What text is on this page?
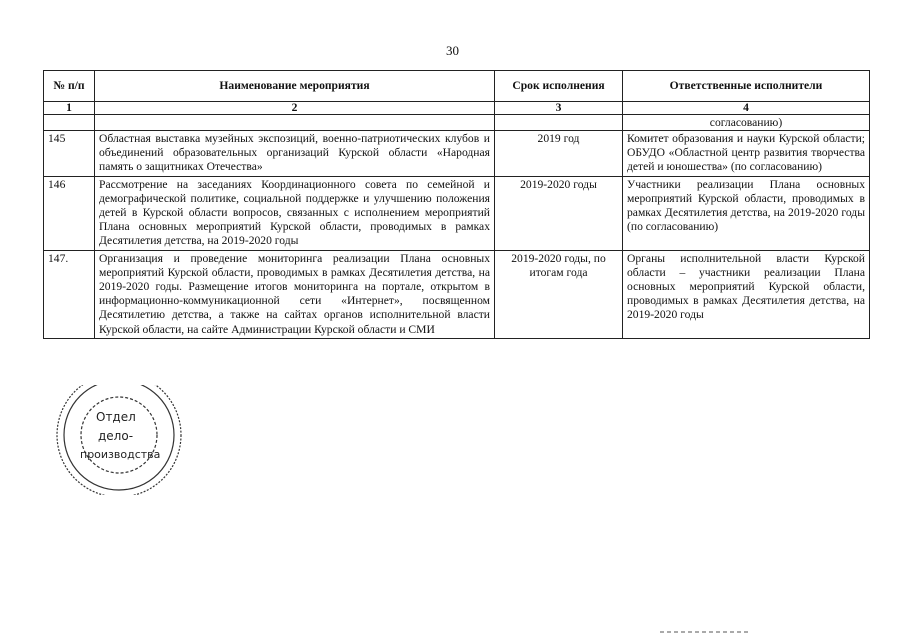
30
№ п/п	Наименование мероприятия	Срок исполнения	Ответственные исполнители
1	2	3	4
			согласованию)
145	Областная выставка музейных экспозиций, военно-патриотических клубов и объединений образовательных организаций Курской области «Народная память о защитниках Отечества»	2019 год	Комитет образования и науки Курской области; ОБУДО «Областной центр развития творчества детей и юношества» (по согласованию)
146	Рассмотрение на заседаниях Координационного совета по семейной и демографической политике, социальной поддержке и улучшению положения детей в Курской области вопросов, связанных с исполнением мероприятий Плана основных мероприятий Курской области, проводимых в рамках Десятилетия детства, на 2019-2020 годы	2019-2020 годы	Участники реализации Плана основных мероприятий Курской области, проводимых в рамках Десятилетия детства, на 2019-2020 годы (по согласованию)
147.	Организация и проведение мониторинга реализации Плана основных мероприятий Курской области, проводимых в рамках Десятилетия детства, на 2019-2020 годы. Размещение итогов мониторинга на портале, открытом в информационно-коммуникационной сети «Интернет», посвященном Десятилетию детства, а также на сайтах органов исполнительной власти Курской области, на сайте Администрации Курской области и СМИ	2019-2020 годы, по итогам года	Органы исполнительной власти Курской области – участники реализации Плана основных мероприятий Курской области, проводимых в рамках Десятилетия детства, на 2019-2020 годы
Отдел
дело-
производства
